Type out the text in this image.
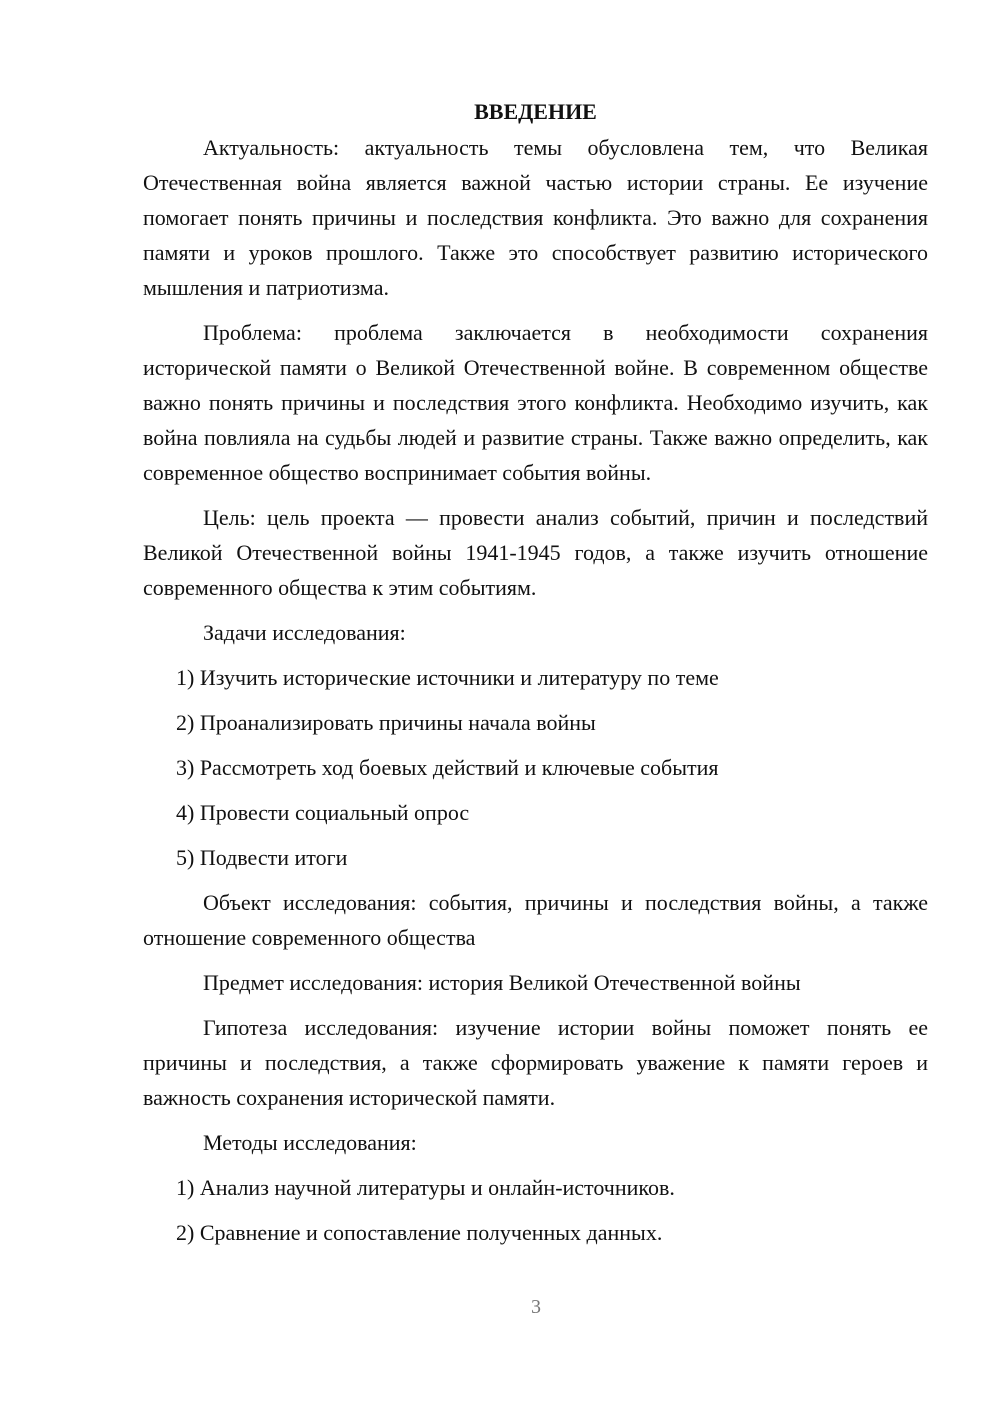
ВВЕДЕНИЕ
Актуальность: актуальность темы обусловлена тем, что Великая Отечественная война является важной частью истории страны. Ее изучение помогает понять причины и последствия конфликта. Это важно для сохранения памяти и уроков прошлого. Также это способствует развитию исторического мышления и патриотизма.
Проблема: проблема заключается в необходимости сохранения исторической памяти о Великой Отечественной войне. В современном обществе важно понять причины и последствия этого конфликта. Необходимо изучить, как война повлияла на судьбы людей и развитие страны. Также важно определить, как современное общество воспринимает события войны.
Цель: цель проекта — провести анализ событий, причин и последствий Великой Отечественной войны 1941-1945 годов, а также изучить отношение современного общества к этим событиям.
Задачи исследования:
1) Изучить исторические источники и литературу по теме
2) Проанализировать причины начала войны
3) Рассмотреть ход боевых действий и ключевые события
4) Провести социальный опрос
5) Подвести итоги
Объект исследования: события, причины и последствия войны, а также отношение современного общества
Предмет исследования: история Великой Отечественной войны
Гипотеза исследования: изучение истории войны поможет понять ее причины и последствия, а также сформировать уважение к памяти героев и важность сохранения исторической памяти.
Методы исследования:
1) Анализ научной литературы и онлайн-источников.
2) Сравнение и сопоставление полученных данных.
3
